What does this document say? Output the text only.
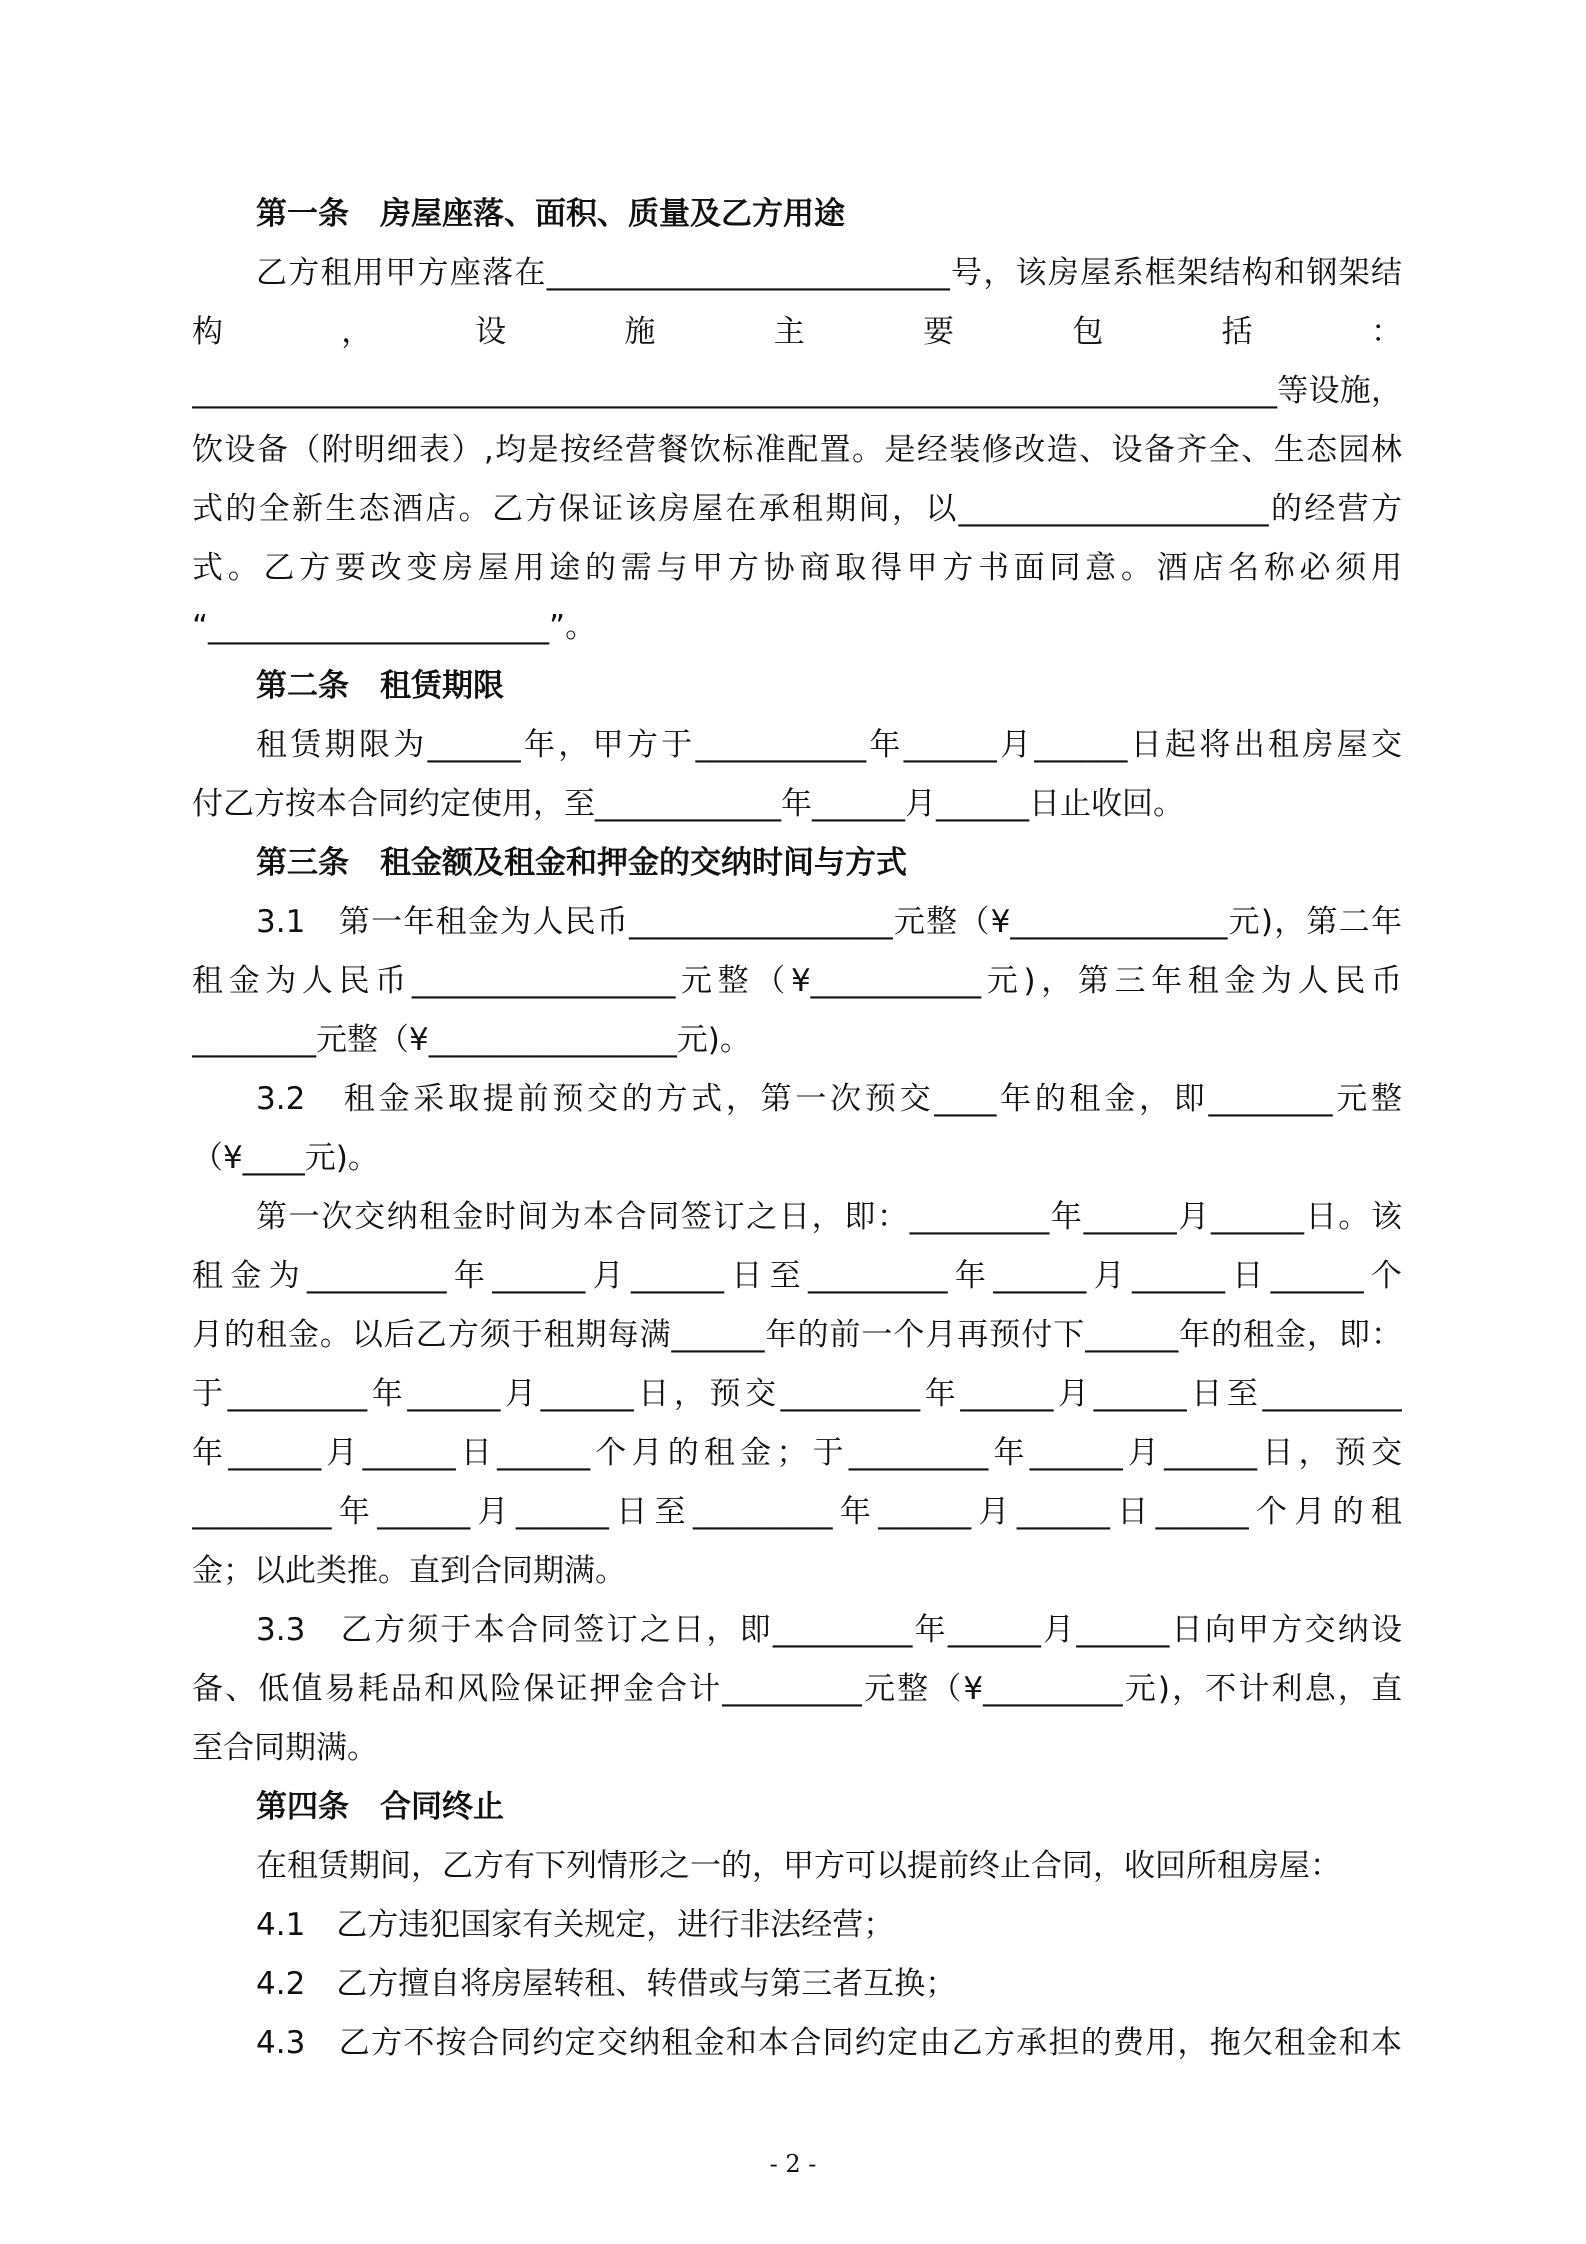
第一条　房屋座落、面积、质量及乙方用途
乙方租用甲方座落在__________________________号，该房屋系框架结构和钢架结
构　　，　　设　　施　　主　　要　　包　　括　　：
______________________________________________________________________等设施，
饮设备（附明细表）,均是按经营餐饮标准配置。是经装修改造、设备齐全、生态园林
式的全新生态酒店。乙方保证该房屋在承租期间，以____________________的经营方
式。乙方要改变房屋用途的需与甲方协商取得甲方书面同意。酒店名称必须用
“______________________”。
第二条　租赁期限
租赁期限为______年，甲方于___________年______月______日起将出租房屋交
付乙方按本合同约定使用，至____________年______月______日止收回。
第三条　租金额及租金和押金的交纳时间与方式
3.1　第一年租金为人民币_________________元整（¥______________元)，第二年
租金为人民币_________________元整（¥___________元)，第三年租金为人民币
________元整（¥________________元)。
3.2　租金采取提前预交的方式，第一次预交____年的租金，即________元整
（¥____元)。
第一次交纳租金时间为本合同签订之日，即：_________年______月______日。该
租金为_________年______月______日至_________年______月______日______个
月的租金。以后乙方须于租期每满______年的前一个月再预付下______年的租金，即：
于_________年______月______日，预交_________年______月______日至_________
年______月______日______个月的租金；于_________年______月______日，预交
_________年______月______日至_________年______月______日______个月的租
金；以此类推。直到合同期满。
3.3　乙方须于本合同签订之日，即_________年______月______日向甲方交纳设
备、低值易耗品和风险保证押金合计_________元整（¥_________元)，不计利息，直
至合同期满。
第四条　合同终止
在租赁期间，乙方有下列情形之一的，甲方可以提前终止合同，收回所租房屋：
4.1　乙方违犯国家有关规定，进行非法经营；
4.2　乙方擅自将房屋转租、转借或与第三者互换；
4.3　乙方不按合同约定交纳租金和本合同约定由乙方承担的费用，拖欠租金和本
- 2 -
